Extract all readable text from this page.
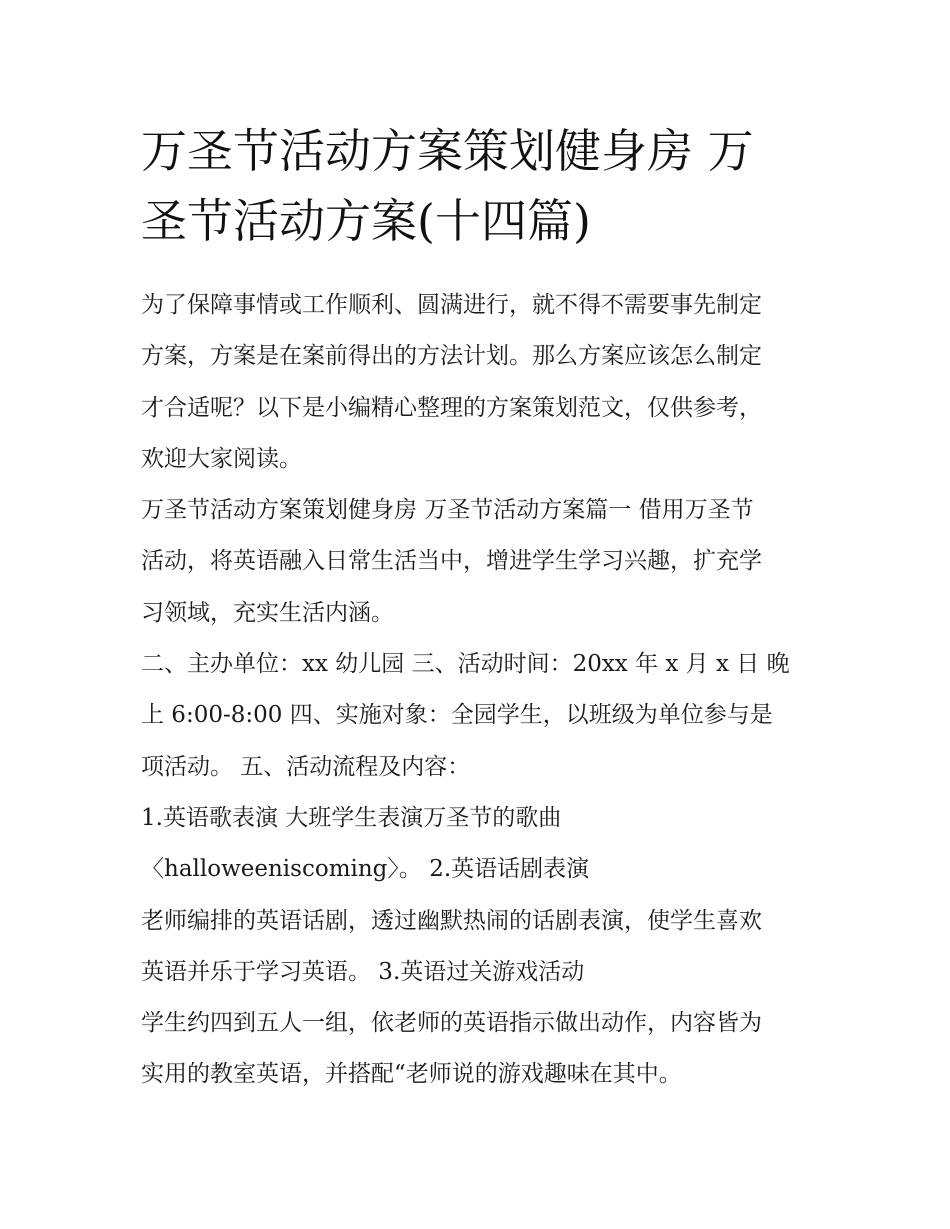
万圣节活动方案策划健身房 万
圣节活动方案(十四篇)
为了保障事情或工作顺利、圆满进行，就不得不需要事先制定
方案，方案是在案前得出的方法计划。那么方案应该怎么制定
才合适呢？以下是小编精心整理的方案策划范文，仅供参考，
欢迎大家阅读。
万圣节活动方案策划健身房 万圣节活动方案篇一 借用万圣节
活动，将英语融入日常生活当中，增进学生学习兴趣，扩充学
习领域，充实生活内涵。
二、主办单位：xx 幼儿园 三、活动时间：20xx 年 x 月 x 日 晚
上 6:00-8:00 四、实施对象：全园学生，以班级为单位参与是
项活动。 五、活动流程及内容：
1.英语歌表演 大班学生表演万圣节的歌曲
〈halloweeniscoming〉。 2.英语话剧表演
老师编排的英语话剧，透过幽默热闹的话剧表演，使学生喜欢
英语并乐于学习英语。 3.英语过关游戏活动
学生约四到五人一组，依老师的英语指示做出动作，内容皆为
实用的教室英语，并搭配“老师说的游戏趣味在其中。
